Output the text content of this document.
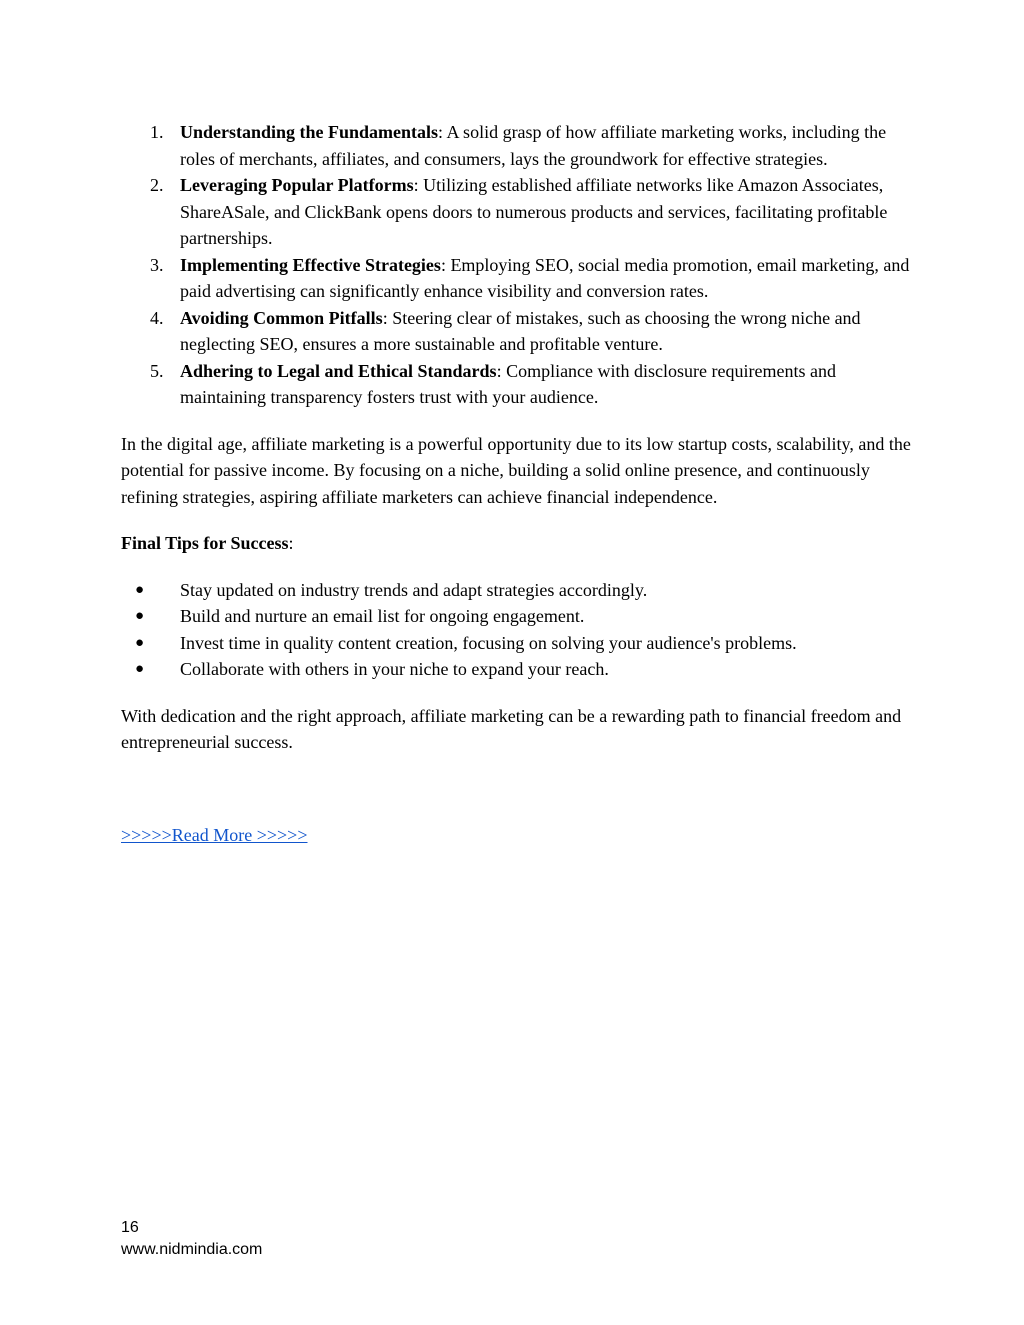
1. Understanding the Fundamentals: A solid grasp of how affiliate marketing works, including the roles of merchants, affiliates, and consumers, lays the groundwork for effective strategies.
2. Leveraging Popular Platforms: Utilizing established affiliate networks like Amazon Associates, ShareASale, and ClickBank opens doors to numerous products and services, facilitating profitable partnerships.
3. Implementing Effective Strategies: Employing SEO, social media promotion, email marketing, and paid advertising can significantly enhance visibility and conversion rates.
4. Avoiding Common Pitfalls: Steering clear of mistakes, such as choosing the wrong niche and neglecting SEO, ensures a more sustainable and profitable venture.
5. Adhering to Legal and Ethical Standards: Compliance with disclosure requirements and maintaining transparency fosters trust with your audience.

In the digital age, affiliate marketing is a powerful opportunity due to its low startup costs, scalability, and the potential for passive income. By focusing on a niche, building a solid online presence, and continuously refining strategies, aspiring affiliate marketers can achieve financial independence.

Final Tips for Success:

● Stay updated on industry trends and adapt strategies accordingly.
● Build and nurture an email list for ongoing engagement.
● Invest time in quality content creation, focusing on solving your audience's problems.
● Collaborate with others in your niche to expand your reach.

With dedication and the right approach, affiliate marketing can be a rewarding path to financial freedom and entrepreneurial success.

>>>>>Read More >>>>>
16
www.nidmindia.com
